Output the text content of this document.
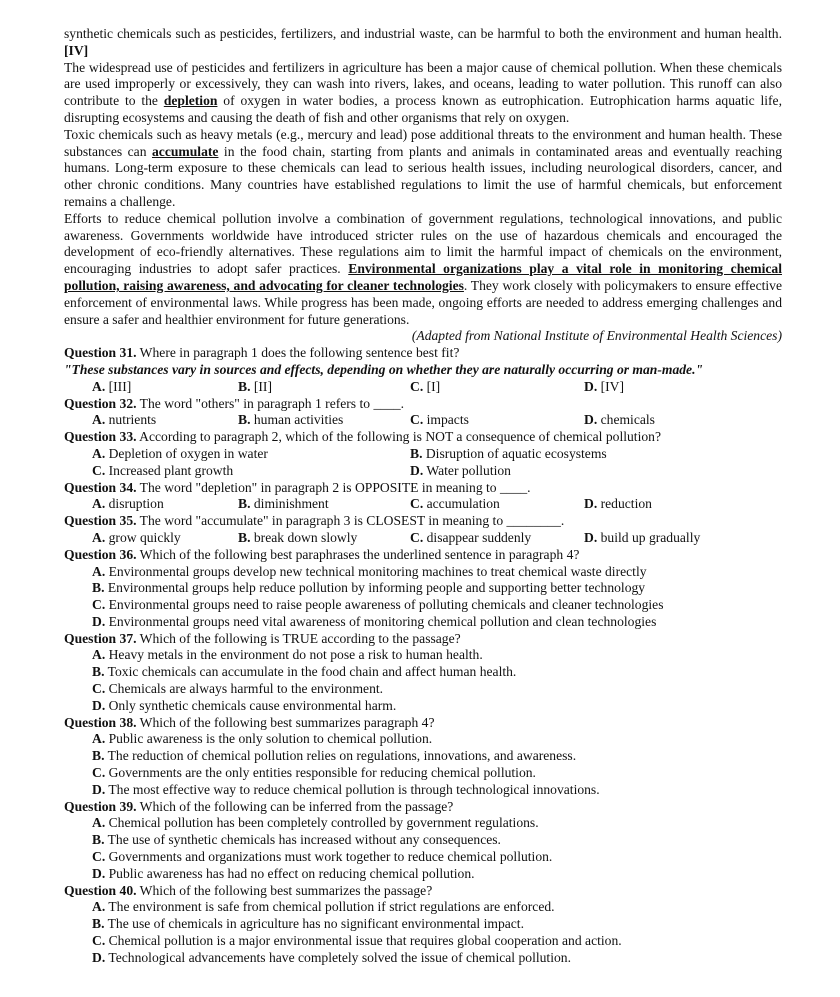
synthetic chemicals such as pesticides, fertilizers, and industrial waste, can be harmful to both the environment and human health. [IV]

The widespread use of pesticides and fertilizers in agriculture has been a major cause of chemical pollution. When these chemicals are used improperly or excessively, they can wash into rivers, lakes, and oceans, leading to water pollution. This runoff can also contribute to the depletion of oxygen in water bodies, a process known as eutrophication. Eutrophication harms aquatic life, disrupting ecosystems and causing the death of fish and other organisms that rely on oxygen.

Toxic chemicals such as heavy metals (e.g., mercury and lead) pose additional threats to the environment and human health. These substances can accumulate in the food chain, starting from plants and animals in contaminated areas and eventually reaching humans. Long-term exposure to these chemicals can lead to serious health issues, including neurological disorders, cancer, and other chronic conditions. Many countries have established regulations to limit the use of harmful chemicals, but enforcement remains a challenge.

Efforts to reduce chemical pollution involve a combination of government regulations, technological innovations, and public awareness. Governments worldwide have introduced stricter rules on the use of hazardous chemicals and encouraged the development of eco-friendly alternatives. These regulations aim to limit the harmful impact of chemicals on the environment, encouraging industries to adopt safer practices. Environmental organizations play a vital role in monitoring chemical pollution, raising awareness, and advocating for cleaner technologies. They work closely with policymakers to ensure effective enforcement of environmental laws. While progress has been made, ongoing efforts are needed to address emerging challenges and ensure a safer and healthier environment for future generations.

(Adapted from National Institute of Environmental Health Sciences)

Question 31. Where in paragraph 1 does the following sentence best fit?
"These substances vary in sources and effects, depending on whether they are naturally occurring or man-made."
A. [III]	B. [II]	C. [I]	D. [IV]
Question 32. The word "others" in paragraph 1 refers to ____.
A. nutrients	B. human activities	C. impacts	D. chemicals
Question 33. According to paragraph 2, which of the following is NOT a consequence of chemical pollution?
A. Depletion of oxygen in water	B. Disruption of aquatic ecosystems
C. Increased plant growth	D. Water pollution
Question 34. The word "depletion" in paragraph 2 is OPPOSITE in meaning to ____.
A. disruption	B. diminishment	C. accumulation	D. reduction
Question 35. The word "accumulate" in paragraph 3 is CLOSEST in meaning to ________.
A. grow quickly	B. break down slowly	C. disappear suddenly	D. build up gradually
Question 36. Which of the following best paraphrases the underlined sentence in paragraph 4?
A. Environmental groups develop new technical monitoring machines to treat chemical waste directly
B. Environmental groups help reduce pollution by informing people and supporting better technology
C. Environmental groups need to raise people awareness of polluting chemicals and cleaner technologies
D. Environmental groups need vital awareness of monitoring chemical pollution and clean technologies
Question 37. Which of the following is TRUE according to the passage?
A. Heavy metals in the environment do not pose a risk to human health.
B. Toxic chemicals can accumulate in the food chain and affect human health.
C. Chemicals are always harmful to the environment.
D. Only synthetic chemicals cause environmental harm.
Question 38. Which of the following best summarizes paragraph 4?
A. Public awareness is the only solution to chemical pollution.
B. The reduction of chemical pollution relies on regulations, innovations, and awareness.
C. Governments are the only entities responsible for reducing chemical pollution.
D. The most effective way to reduce chemical pollution is through technological innovations.
Question 39. Which of the following can be inferred from the passage?
A. Chemical pollution has been completely controlled by government regulations.
B. The use of synthetic chemicals has increased without any consequences.
C. Governments and organizations must work together to reduce chemical pollution.
D. Public awareness has had no effect on reducing chemical pollution.
Question 40. Which of the following best summarizes the passage?
A. The environment is safe from chemical pollution if strict regulations are enforced.
B. The use of chemicals in agriculture has no significant environmental impact.
C. Chemical pollution is a major environmental issue that requires global cooperation and action.
D. Technological advancements have completely solved the issue of chemical pollution.
